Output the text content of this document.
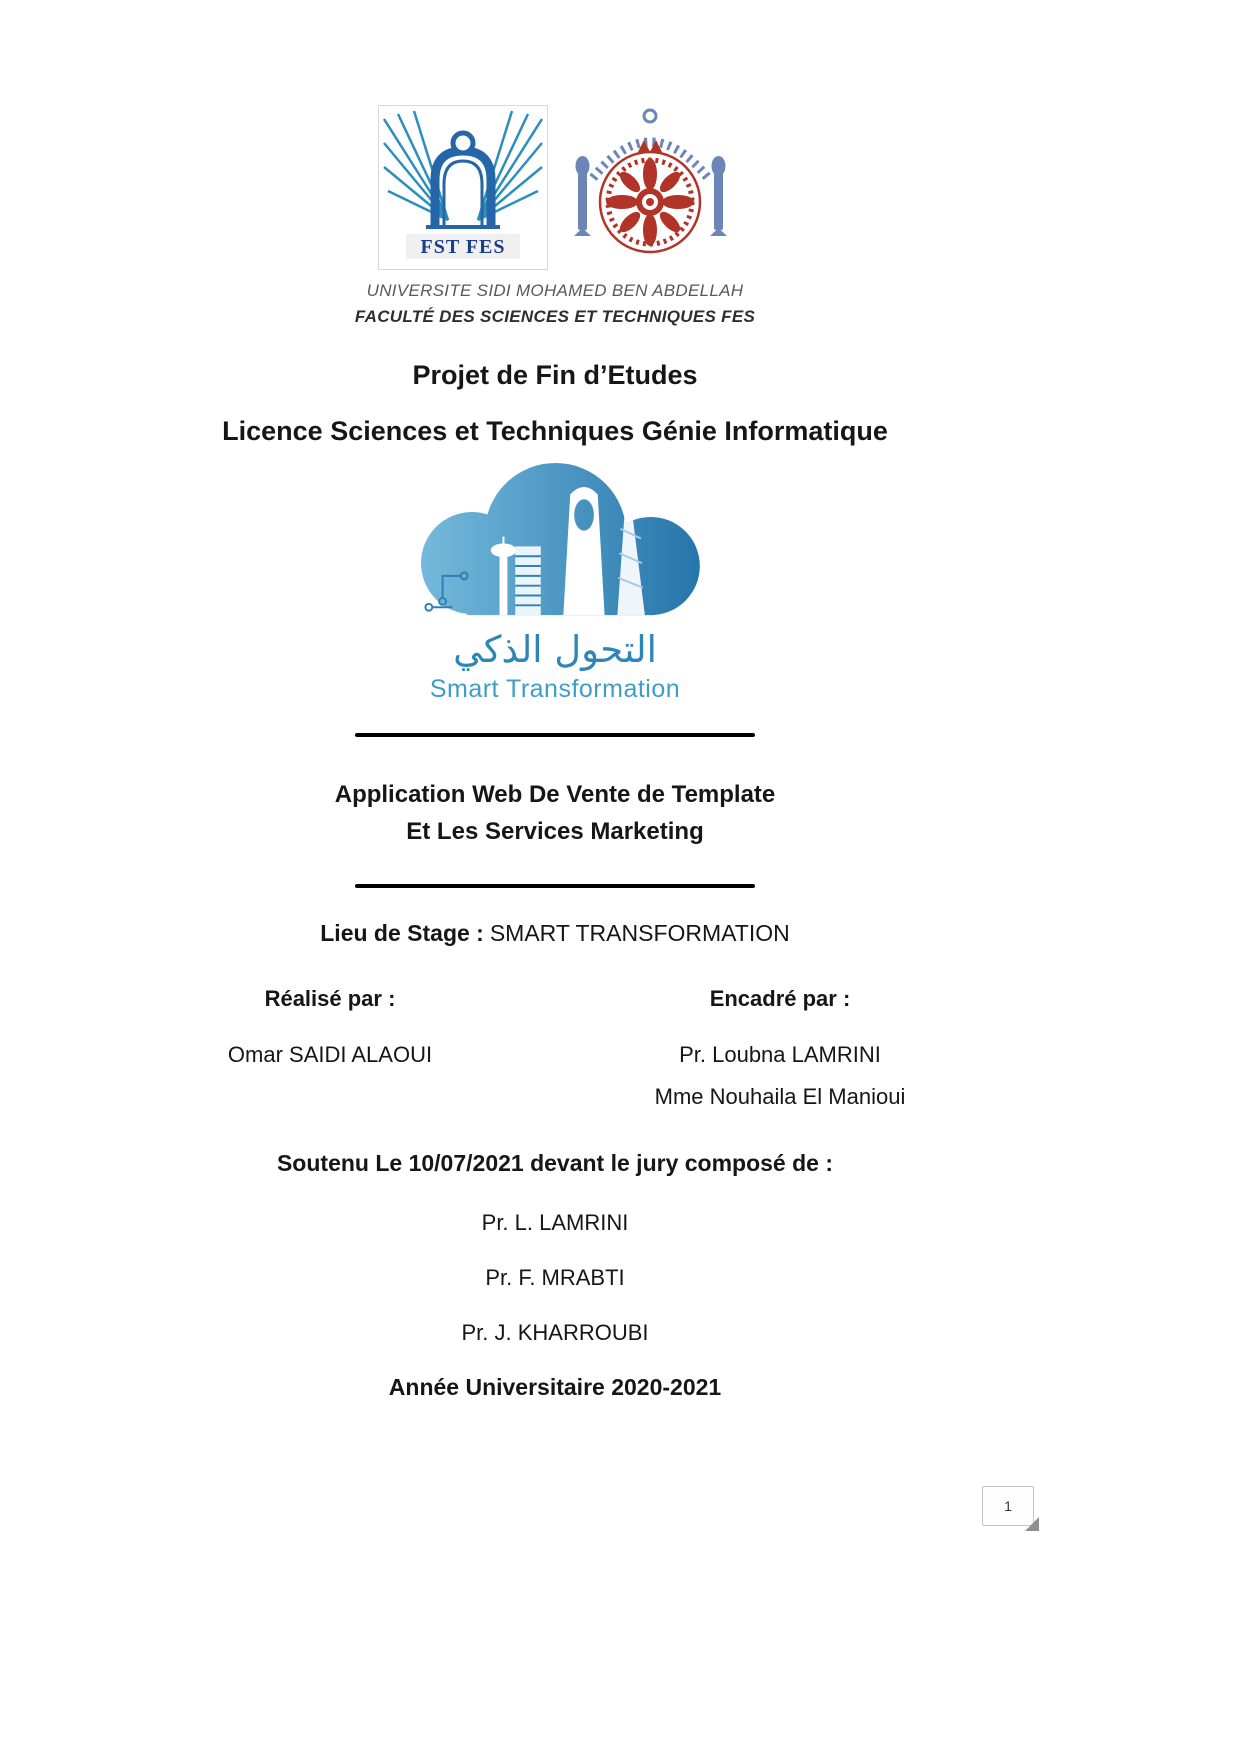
FST FES
UNIVERSITE SIDI MOHAMED BEN ABDELLAH
FACULTÉ DES SCIENCES ET TECHNIQUES FES
Projet de Fin d’Etudes
Licence Sciences et Techniques Génie Informatique
التحول الذكي
Smart Transformation
Application Web De Vente de Template
Et Les Services Marketing
Lieu de Stage : SMART TRANSFORMATION
Réalisé par :
Omar SAIDI ALAOUI
Encadré par :
Pr. Loubna LAMRINI
Mme Nouhaila El Manioui
Soutenu Le 10/07/2021 devant le jury composé de :
Pr. L. LAMRINI
Pr. F. MRABTI
Pr. J. KHARROUBI
Année Universitaire 2020-2021
1
